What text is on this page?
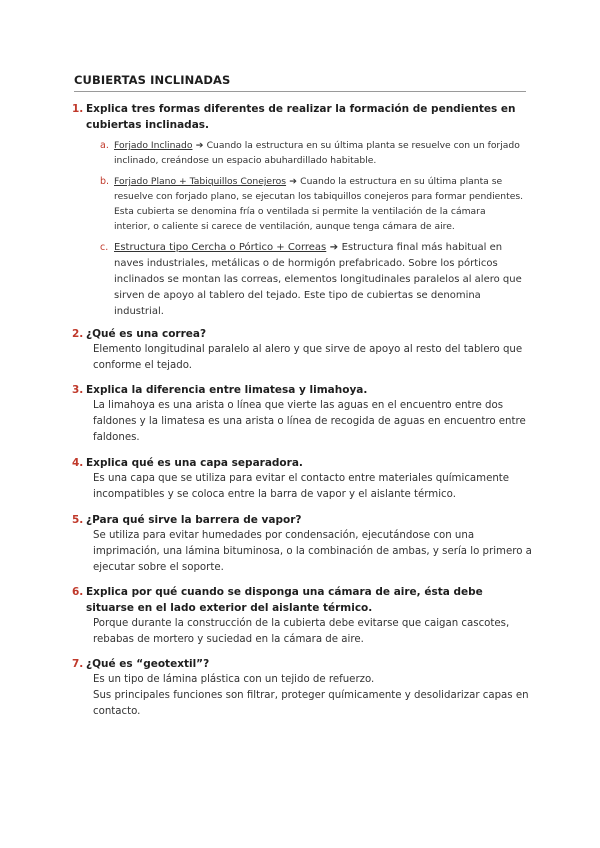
CUBIERTAS INCLINADAS
1. Explica tres formas diferentes de realizar la formación de pendientes en cubiertas inclinadas.
a. Forjado Inclinado ➔ Cuando la estructura en su última planta se resuelve con un forjado inclinado, creándose un espacio abuhardillado habitable.
b. Forjado Plano + Tabiquillos Conejeros ➔ Cuando la estructura en su última planta se resuelve con forjado plano, se ejecutan los tabiquillos conejeros para formar pendientes. Esta cubierta se denomina fría o ventilada si permite la ventilación de la cámara interior, o caliente si carece de ventilación, aunque tenga cámara de aire.
c. Estructura tipo Cercha o Pórtico + Correas ➔ Estructura final más habitual en naves industriales, metálicas o de hormigón prefabricado. Sobre los pórticos inclinados se montan las correas, elementos longitudinales paralelos al alero que sirven de apoyo al tablero del tejado. Este tipo de cubiertas se denomina industrial.
2. ¿Qué es una correa?
Elemento longitudinal paralelo al alero y que sirve de apoyo al resto del tablero que conforme el tejado.
3. Explica la diferencia entre limatesa y limahoya.
La limahoya es una arista o línea que vierte las aguas en el encuentro entre dos faldones y la limatesa es una arista o línea de recogida de aguas en encuentro entre faldones.
4. Explica qué es una capa separadora.
Es una capa que se utiliza para evitar el contacto entre materiales químicamente incompatibles y se coloca entre la barra de vapor y el aislante térmico.
5. ¿Para qué sirve la barrera de vapor?
Se utiliza para evitar humedades por condensación, ejecutándose con una imprimación, una lámina bituminosa, o la combinación de ambas, y sería lo primero a ejecutar sobre el soporte.
6. Explica por qué cuando se disponga una cámara de aire, ésta debe situarse en el lado exterior del aislante térmico.
Porque durante la construcción de la cubierta debe evitarse que caigan cascotes, rebabas de mortero y suciedad en la cámara de aire.
7. ¿Qué es “geotextil”?
Es un tipo de lámina plástica con un tejido de refuerzo.
Sus principales funciones son filtrar, proteger químicamente y desolidarizar capas en contacto.
